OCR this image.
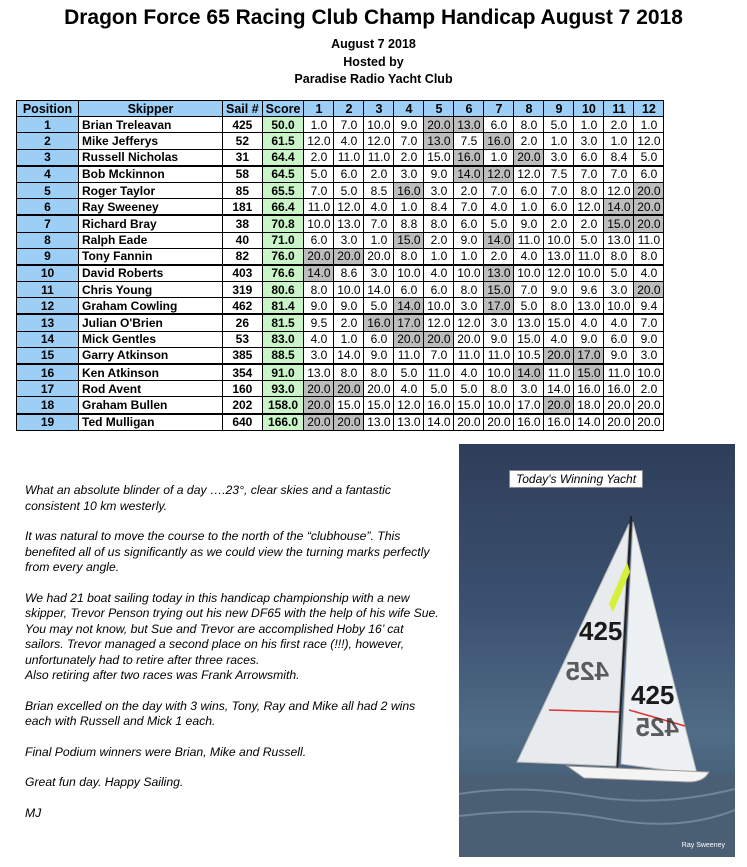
Dragon Force 65 Racing Club Champ Handicap August 7 2018
August 7 2018
Hosted by
Paradise Radio Yacht Club
Position	Skipper	Sail #	Score	1	2	3	4	5	6	7	8	9	10	11	12
1	Brian Treleavan	425	50.0	1.0	7.0	10.0	9.0	20.0	13.0	6.0	8.0	5.0	1.0	2.0	1.0
2	Mike Jefferys	52	61.5	12.0	4.0	12.0	7.0	13.0	7.5	16.0	2.0	1.0	3.0	1.0	12.0
3	Russell Nicholas	31	64.4	2.0	11.0	11.0	2.0	15.0	16.0	1.0	20.0	3.0	6.0	8.4	5.0
4	Bob Mckinnon	58	64.5	5.0	6.0	2.0	3.0	9.0	14.0	12.0	12.0	7.5	7.0	7.0	6.0
5	Roger Taylor	85	65.5	7.0	5.0	8.5	16.0	3.0	2.0	7.0	6.0	7.0	8.0	12.0	20.0
6	Ray Sweeney	181	66.4	11.0	12.0	4.0	1.0	8.4	7.0	4.0	1.0	6.0	12.0	14.0	20.0
7	Richard Bray	38	70.8	10.0	13.0	7.0	8.8	8.0	6.0	5.0	9.0	2.0	2.0	15.0	20.0
8	Ralph Eade	40	71.0	6.0	3.0	1.0	15.0	2.0	9.0	14.0	11.0	10.0	5.0	13.0	11.0
9	Tony Fannin	82	76.0	20.0	20.0	20.0	8.0	1.0	1.0	2.0	4.0	13.0	11.0	8.0	8.0
10	David Roberts	403	76.6	14.0	8.6	3.0	10.0	4.0	10.0	13.0	10.0	12.0	10.0	5.0	4.0
11	Chris Young	319	80.6	8.0	10.0	14.0	6.0	6.0	8.0	15.0	7.0	9.0	9.6	3.0	20.0
12	Graham Cowling	462	81.4	9.0	9.0	5.0	14.0	10.0	3.0	17.0	5.0	8.0	13.0	10.0	9.4
13	Julian O'Brien	26	81.5	9.5	2.0	16.0	17.0	12.0	12.0	3.0	13.0	15.0	4.0	4.0	7.0
14	Mick Gentles	53	83.0	4.0	1.0	6.0	20.0	20.0	20.0	9.0	15.0	4.0	9.0	6.0	9.0
15	Garry Atkinson	385	88.5	3.0	14.0	9.0	11.0	7.0	11.0	11.0	10.5	20.0	17.0	9.0	3.0
16	Ken Atkinson	354	91.0	13.0	8.0	8.0	5.0	11.0	4.0	10.0	14.0	11.0	15.0	11.0	10.0
17	Rod Avent	160	93.0	20.0	20.0	20.0	4.0	5.0	5.0	8.0	3.0	14.0	16.0	16.0	2.0
18	Graham Bullen	202	158.0	20.0	15.0	15.0	12.0	16.0	15.0	10.0	17.0	20.0	18.0	20.0	20.0
19	Ted Mulligan	640	166.0	20.0	20.0	13.0	13.0	14.0	20.0	20.0	16.0	16.0	14.0	20.0	20.0

What an absolute blinder of a day ….23°, clear skies and a fantastic consistent 10 km westerly.

It was natural to move the course to the north of the “clubhouse”. This benefited all of us significantly as we could view the turning marks perfectly from every angle.

We had 21 boat sailing today in this handicap championship with a new skipper, Trevor Penson trying out his new DF65 with the help of his wife Sue. You may not know, but Sue and Trevor are accomplished Hoby 16’ cat sailors. Trevor managed a second place on his first race (!!!), however, unfortunately had to retire after three races.
Also retiring after two races was Frank Arrowsmith.

Brian excelled on the day with 3 wins, Tony, Ray and Mike all had 2 wins each with Russell and Mick 1 each.

Final Podium winners were Brian, Mike and Russell.

Great fun day. Happy Sailing.

MJ

425
425
425
425
Today's Winning Yacht
Ray Sweeney
